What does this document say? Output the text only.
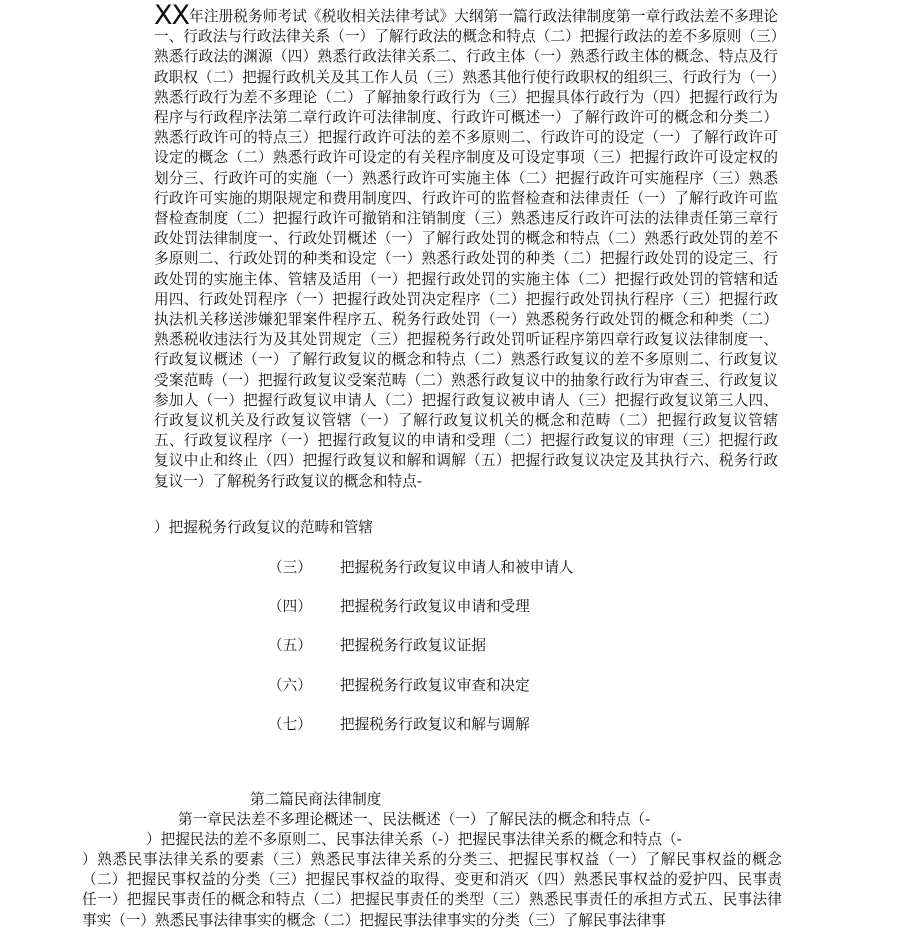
XX年注册税务师考试《税收相关法律考试》大纲第一篇行政法律制度第一章行政法差不多理论一、行政法与行政法律关系（一）了解行政法的概念和特点（二）把握行政法的差不多原则（三）熟悉行政法的渊源（四）熟悉行政法律关系二、行政主体（一）熟悉行政主体的概念、特点及行政职权（二）把握行政机关及其工作人员（三）熟悉其他行使行政职权的组织三、行政行为（一）熟悉行政行为差不多理论（二）了解抽象行政行为（三）把握具体行政行为（四）把握行政行为程序与行政程序法第二章行政许可法律制度、行政许可概述一）了解行政许可的概念和分类二）熟悉行政许可的特点三）把握行政许可法的差不多原则二、行政许可的设定（一）了解行政许可设定的概念（二）熟悉行政许可设定的有关程序制度及可设定事项（三）把握行政许可设定权的划分三、行政许可的实施（一）熟悉行政许可实施主体（二）把握行政许可实施程序（三）熟悉行政许可实施的期限规定和费用制度四、行政许可的监督检查和法律责任（一）了解行政许可监督检查制度（二）把握行政许可撤销和注销制度（三）熟悉违反行政许可法的法律责任第三章行政处罚法律制度一、行政处罚概述（一）了解行政处罚的概念和特点（二）熟悉行政处罚的差不多原则二、行政处罚的种类和设定（一）熟悉行政处罚的种类（二）把握行政处罚的设定三、行政处罚的实施主体、管辖及适用（一）把握行政处罚的实施主体（二）把握行政处罚的管辖和适用四、行政处罚程序（一）把握行政处罚决定程序（二）把握行政处罚执行程序（三）把握行政执法机关移送涉嫌犯罪案件程序五、税务行政处罚（一）熟悉税务行政处罚的概念和种类（二）熟悉税收违法行为及其处罚规定（三）把握税务行政处罚听证程序第四章行政复议法律制度一、行政复议概述（一）了解行政复议的概念和特点（二）熟悉行政复议的差不多原则二、行政复议受案范畴（一）把握行政复议受案范畴（二）熟悉行政复议中的抽象行政行为审查三、行政复议参加人（一）把握行政复议申请人（二）把握行政复议被申请人（三）把握行政复议第三人四、行政复议机关及行政复议管辖（一）了解行政复议机关的概念和范畴（二）把握行政复议管辖五、行政复议程序（一）把握行政复议的申请和受理（二）把握行政复议的审理（三）把握行政复议中止和终止（四）把握行政复议和解和调解（五）把握行政复议决定及其执行六、税务行政复议一）了解税务行政复议的概念和特点-

）把握税务行政复议的范畴和管辖

（三） 把握税务行政复议申请人和被申请人
（四） 把握税务行政复议申请和受理
（五） 把握税务行政复议证据
（六） 把握税务行政复议审查和决定
（七） 把握税务行政复议和解与调解

第二篇民商法律制度

第一章民法差不多理论概述一、民法概述（一）了解民法的概念和特点（-

）把握民法的差不多原则二、民事法律关系（-）把握民事法律关系的概念和特点（-

）熟悉民事法律关系的要素（三）熟悉民事法律关系的分类三、把握民事权益（一）了解民事权益的概念（二）把握民事权益的分类（三）把握民事权益的取得、变更和消灭（四）熟悉民事权益的爱护四、民事责任一）把握民事责任的概念和特点（二）把握民事责任的类型（三）熟悉民事责任的承担方式五、民事法律事实（一）熟悉民事法律事实的概念（二）把握民事法律事实的分类（三）了解民事法律事
